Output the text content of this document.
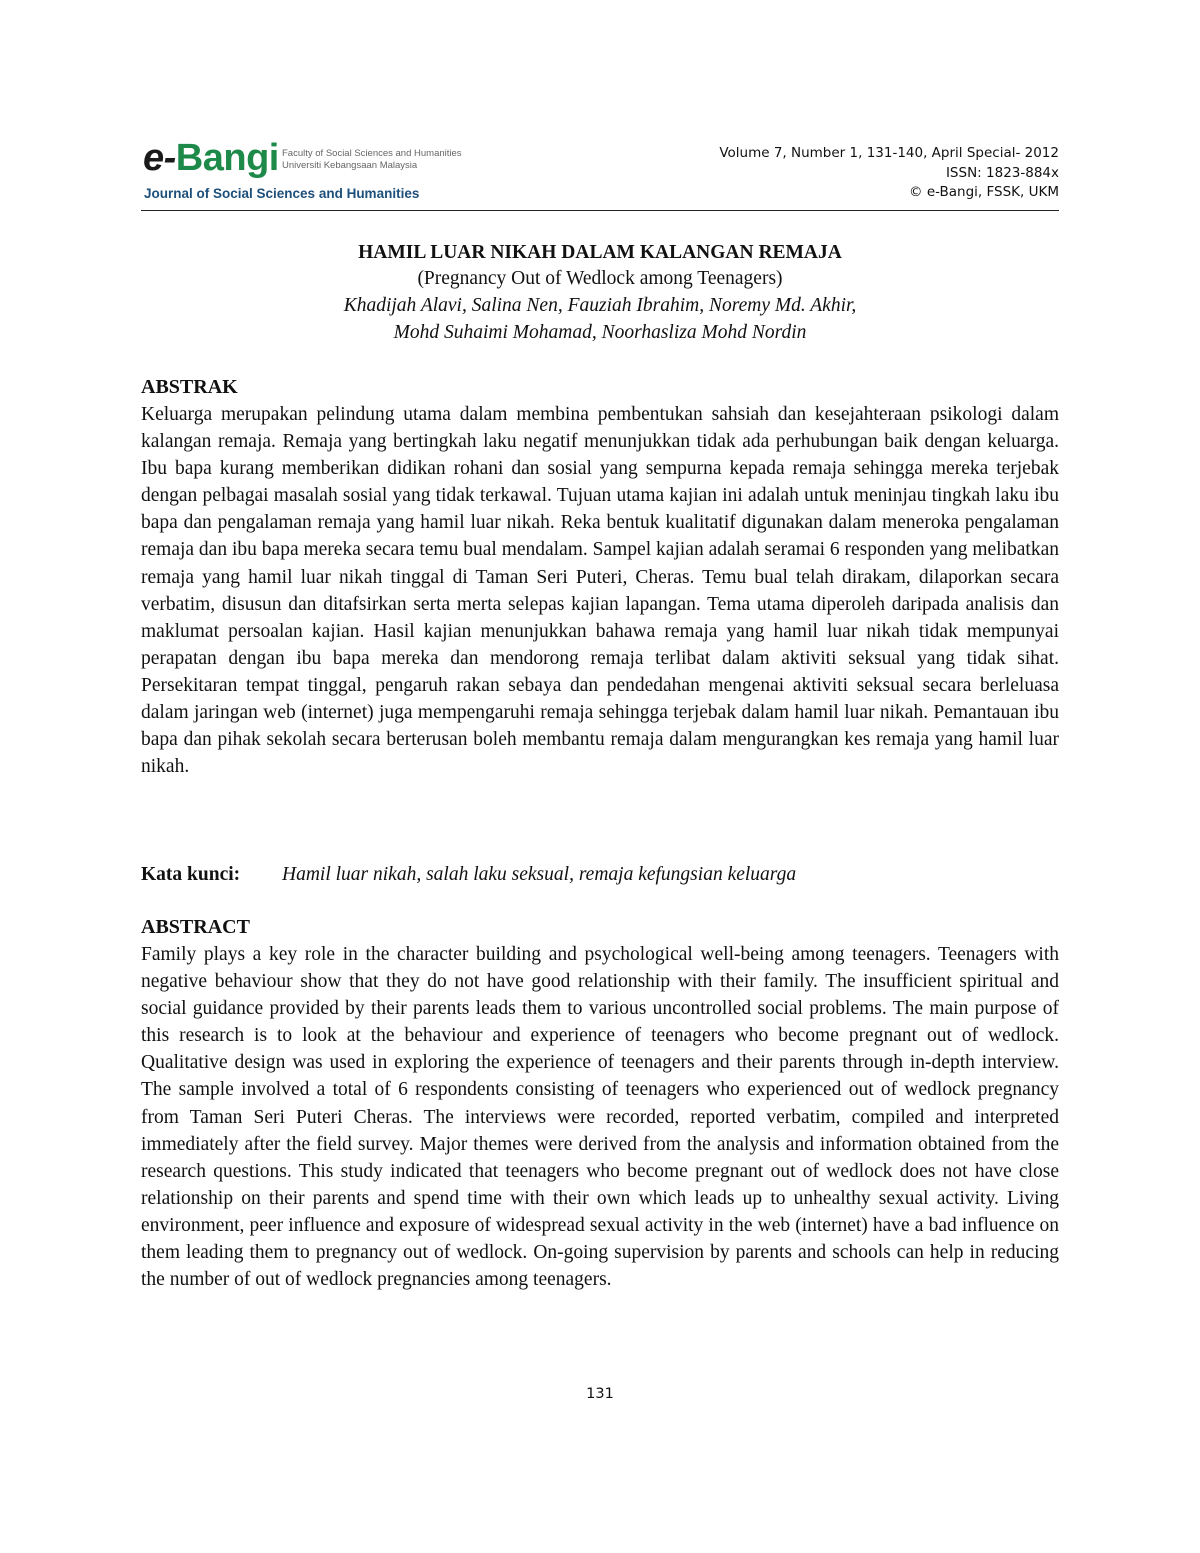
e-Bangi Faculty of Social Sciences and Humanities
Universiti Kebangsaan Malaysia
Journal of Social Sciences and Humanities
Volume 7, Number 1, 131-140, April Special- 2012
ISSN: 1823-884x
© e-Bangi, FSSK, UKM
HAMIL LUAR NIKAH DALAM KALANGAN REMAJA
(Pregnancy Out of Wedlock among Teenagers)
Khadijah Alavi, Salina Nen, Fauziah Ibrahim, Noremy Md. Akhir,
Mohd Suhaimi Mohamad, Noorhasliza Mohd Nordin
ABSTRAK

Keluarga merupakan pelindung utama dalam membina pembentukan sahsiah dan kesejahteraan psikologi dalam kalangan remaja. Remaja yang bertingkah laku negatif menunjukkan tidak ada perhubungan baik dengan keluarga. Ibu bapa kurang memberikan didikan rohani dan sosial yang sempurna kepada remaja sehingga mereka terjebak dengan pelbagai masalah sosial yang tidak terkawal. Tujuan utama kajian ini adalah untuk meninjau tingkah laku ibu bapa dan pengalaman remaja yang hamil luar nikah. Reka bentuk kualitatif digunakan dalam meneroka pengalaman remaja dan ibu bapa mereka secara temu bual mendalam. Sampel kajian adalah seramai 6 responden yang melibatkan remaja yang hamil luar nikah tinggal di Taman Seri Puteri, Cheras. Temu bual telah dirakam, dilaporkan secara verbatim, disusun dan ditafsirkan serta merta selepas kajian lapangan. Tema utama diperoleh daripada analisis dan maklumat persoalan kajian. Hasil kajian menunjukkan bahawa remaja yang hamil luar nikah tidak mempunyai perapatan dengan ibu bapa mereka dan mendorong remaja terlibat dalam aktiviti seksual yang tidak sihat. Persekitaran tempat tinggal, pengaruh rakan sebaya dan pendedahan mengenai aktiviti seksual secara berleluasa dalam jaringan web (internet) juga mempengaruhi remaja sehingga terjebak dalam hamil luar nikah. Pemantauan ibu bapa dan pihak sekolah secara berterusan boleh membantu remaja dalam mengurangkan kes remaja yang hamil luar nikah.

Kata kunci: Hamil luar nikah, salah laku seksual, remaja kefungsian keluarga
ABSTRACT

Family plays a key role in the character building and psychological well-being among teenagers. Teenagers with negative behaviour show that they do not have good relationship with their family. The insufficient spiritual and social guidance provided by their parents leads them to various uncontrolled social problems. The main purpose of this research is to look at the behaviour and experience of teenagers who become pregnant out of wedlock. Qualitative design was used in exploring the experience of teenagers and their parents through in-depth interview. The sample involved a total of 6 respondents consisting of teenagers who experienced out of wedlock pregnancy from Taman Seri Puteri Cheras. The interviews were recorded, reported verbatim, compiled and interpreted immediately after the field survey. Major themes were derived from the analysis and information obtained from the research questions. This study indicated that teenagers who become pregnant out of wedlock does not have close relationship on their parents and spend time with their own which leads up to unhealthy sexual activity. Living environment, peer influence and exposure of widespread sexual activity in the web (internet) have a bad influence on them leading them to pregnancy out of wedlock. On-going supervision by parents and schools can help in reducing the number of out of wedlock pregnancies among teenagers.

131
